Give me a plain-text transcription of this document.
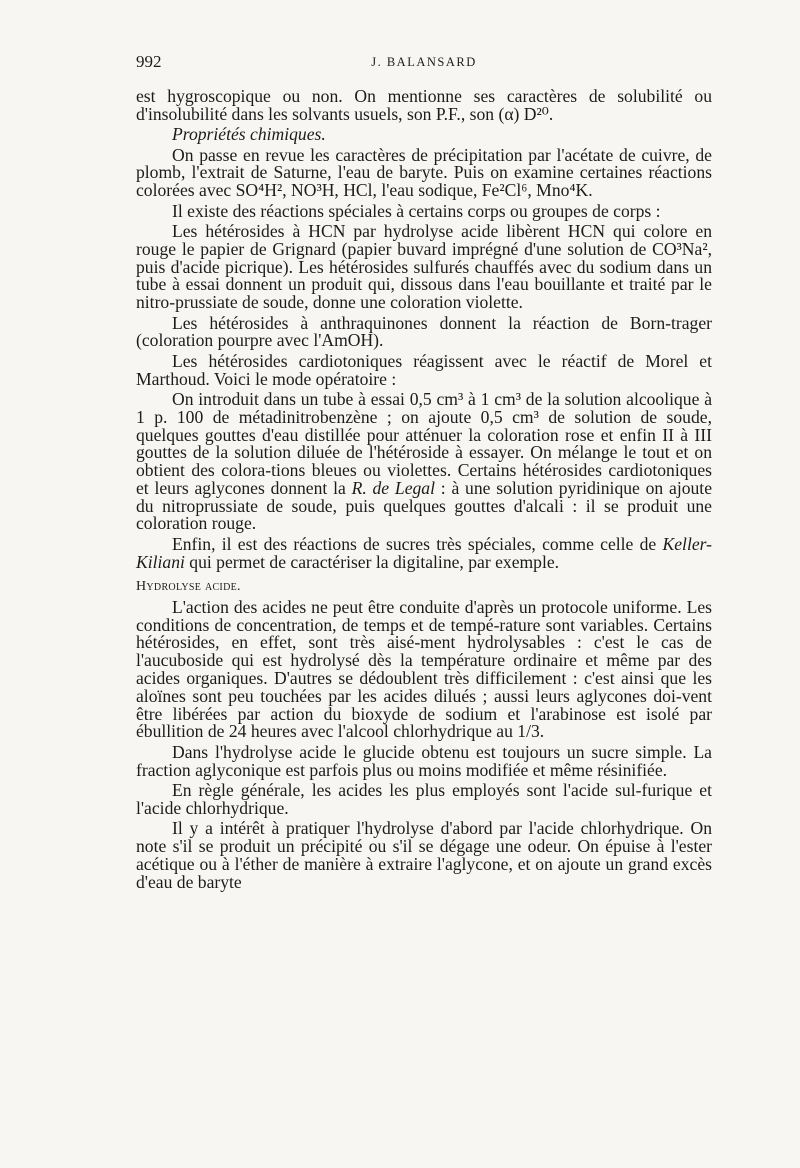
992	J. BALANSARD

est hygroscopique ou non. On mentionne ses caractères de solubilité ou d'insolubilité dans les solvants usuels, son P.F., son (α) D²⁰.

Propriétés chimiques.

On passe en revue les caractères de précipitation par l'acétate de cuivre, de plomb, l'extrait de Saturne, l'eau de baryte. Puis on examine certaines réactions colorées avec SO⁴H², NO³H, HCl, l'eau sodique, Fe²Cl⁶, Mno⁴K.

Il existe des réactions spéciales à certains corps ou groupes de corps :

Les hétérosides à HCN par hydrolyse acide libèrent HCN qui colore en rouge le papier de Grignard (papier buvard imprégné d'une solution de CO³Na², puis d'acide picrique). Les hétérosides sulfurés chauffés avec du sodium dans un tube à essai donnent un produit qui, dissous dans l'eau bouillante et traité par le nitro-prussiate de soude, donne une coloration violette.

Les hétérosides à anthraquinones donnent la réaction de Born-trager (coloration pourpre avec l'AmOH).

Les hétérosides cardiotoniques réagissent avec le réactif de Morel et Marthoud. Voici le mode opératoire :

On introduit dans un tube à essai 0,5 cm³ à 1 cm³ de la solution alcoolique à 1 p. 100 de métadinitrobenzène ; on ajoute 0,5 cm³ de solution de soude, quelques gouttes d'eau distillée pour atténuer la coloration rose et enfin II à III gouttes de la solution diluée de l'hétéroside à essayer. On mélange le tout et on obtient des colora-tions bleues ou violettes. Certains hétérosides cardiotoniques et leurs aglycones donnent la R. de Legal : à une solution pyridinique on ajoute du nitroprussiate de soude, puis quelques gouttes d'alcali : il se produit une coloration rouge.

Enfin, il est des réactions de sucres très spéciales, comme celle de Keller-Kiliani qui permet de caractériser la digitaline, par exemple.

Hydrolyse acide.

L'action des acides ne peut être conduite d'après un protocole uniforme. Les conditions de concentration, de temps et de tempé-rature sont variables. Certains hétérosides, en effet, sont très aisé-ment hydrolysables : c'est le cas de l'aucuboside qui est hydrolysé dès la température ordinaire et même par des acides organiques. D'autres se dédoublent très difficilement : c'est ainsi que les aloïnes sont peu touchées par les acides dilués ; aussi leurs aglycones doi-vent être libérées par action du bioxyde de sodium et l'arabinose est isolé par ébullition de 24 heures avec l'alcool chlorhydrique au 1/3.

Dans l'hydrolyse acide le glucide obtenu est toujours un sucre simple. La fraction aglyconique est parfois plus ou moins modifiée et même résinifiée.

En règle générale, les acides les plus employés sont l'acide sul-furique et l'acide chlorhydrique.

Il y a intérêt à pratiquer l'hydrolyse d'abord par l'acide chlorhydrique. On note s'il se produit un précipité ou s'il se dégage une odeur. On épuise à l'ester acétique ou à l'éther de manière à extraire l'aglycone, et on ajoute un grand excès d'eau de baryte
